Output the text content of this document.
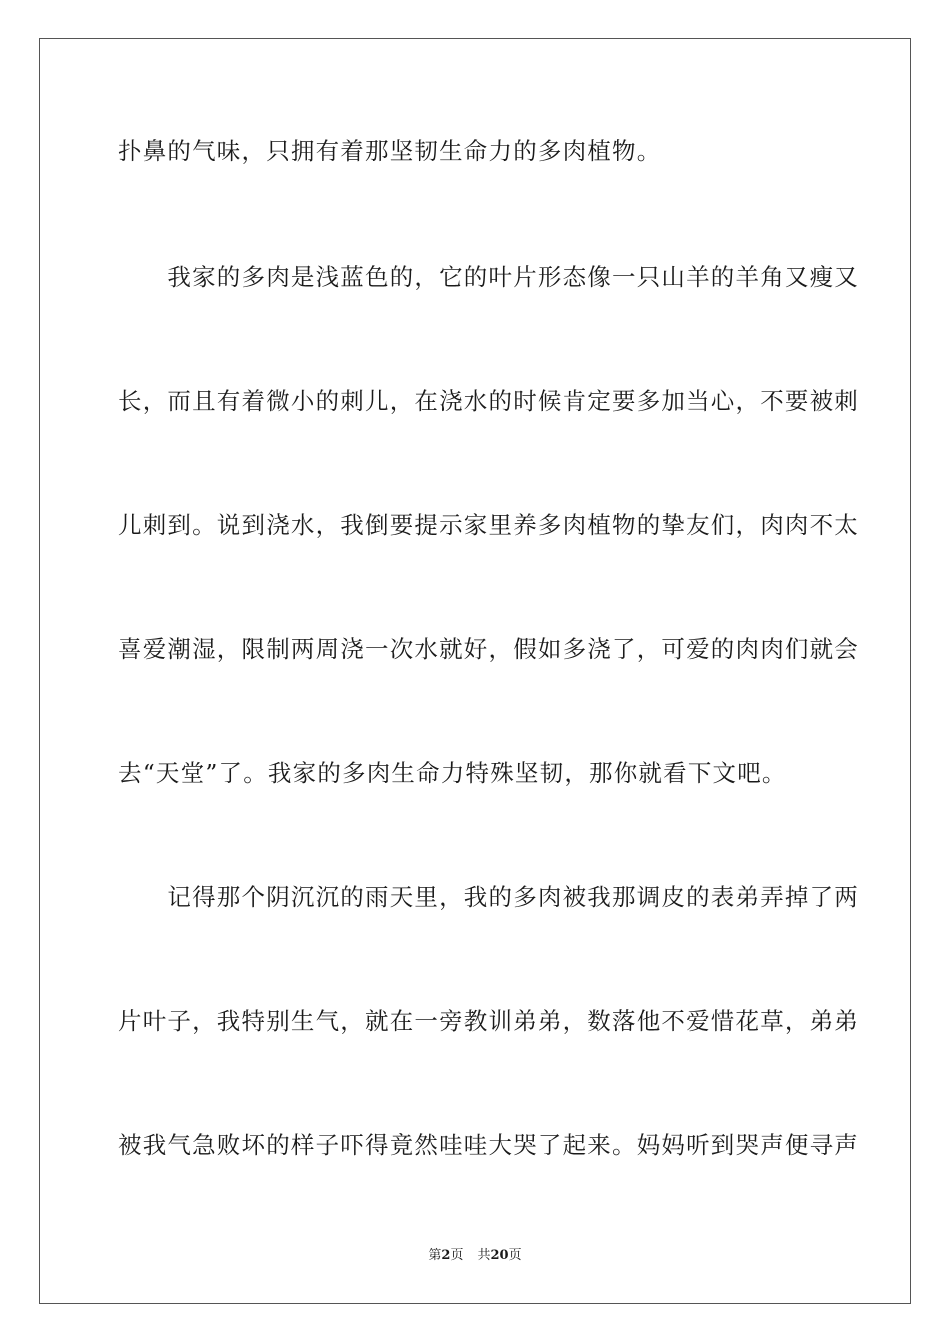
扑鼻的气味，只拥有着那坚韧生命力的多肉植物。
　　我家的多肉是浅蓝色的，它的叶片形态像一只山羊的羊角又瘦又
长，而且有着微小的刺儿，在浇水的时候肯定要多加当心，不要被刺
儿刺到。说到浇水，我倒要提示家里养多肉植物的挚友们，肉肉不太
喜爱潮湿，限制两周浇一次水就好，假如多浇了，可爱的肉肉们就会
去“天堂”了。我家的多肉生命力特殊坚韧，那你就看下文吧。
　　记得那个阴沉沉的雨天里，我的多肉被我那调皮的表弟弄掉了两
片叶子，我特别生气，就在一旁教训弟弟，数落他不爱惜花草，弟弟
被我气急败坏的样子吓得竟然哇哇大哭了起来。妈妈听到哭声便寻声
第2页 共20页
